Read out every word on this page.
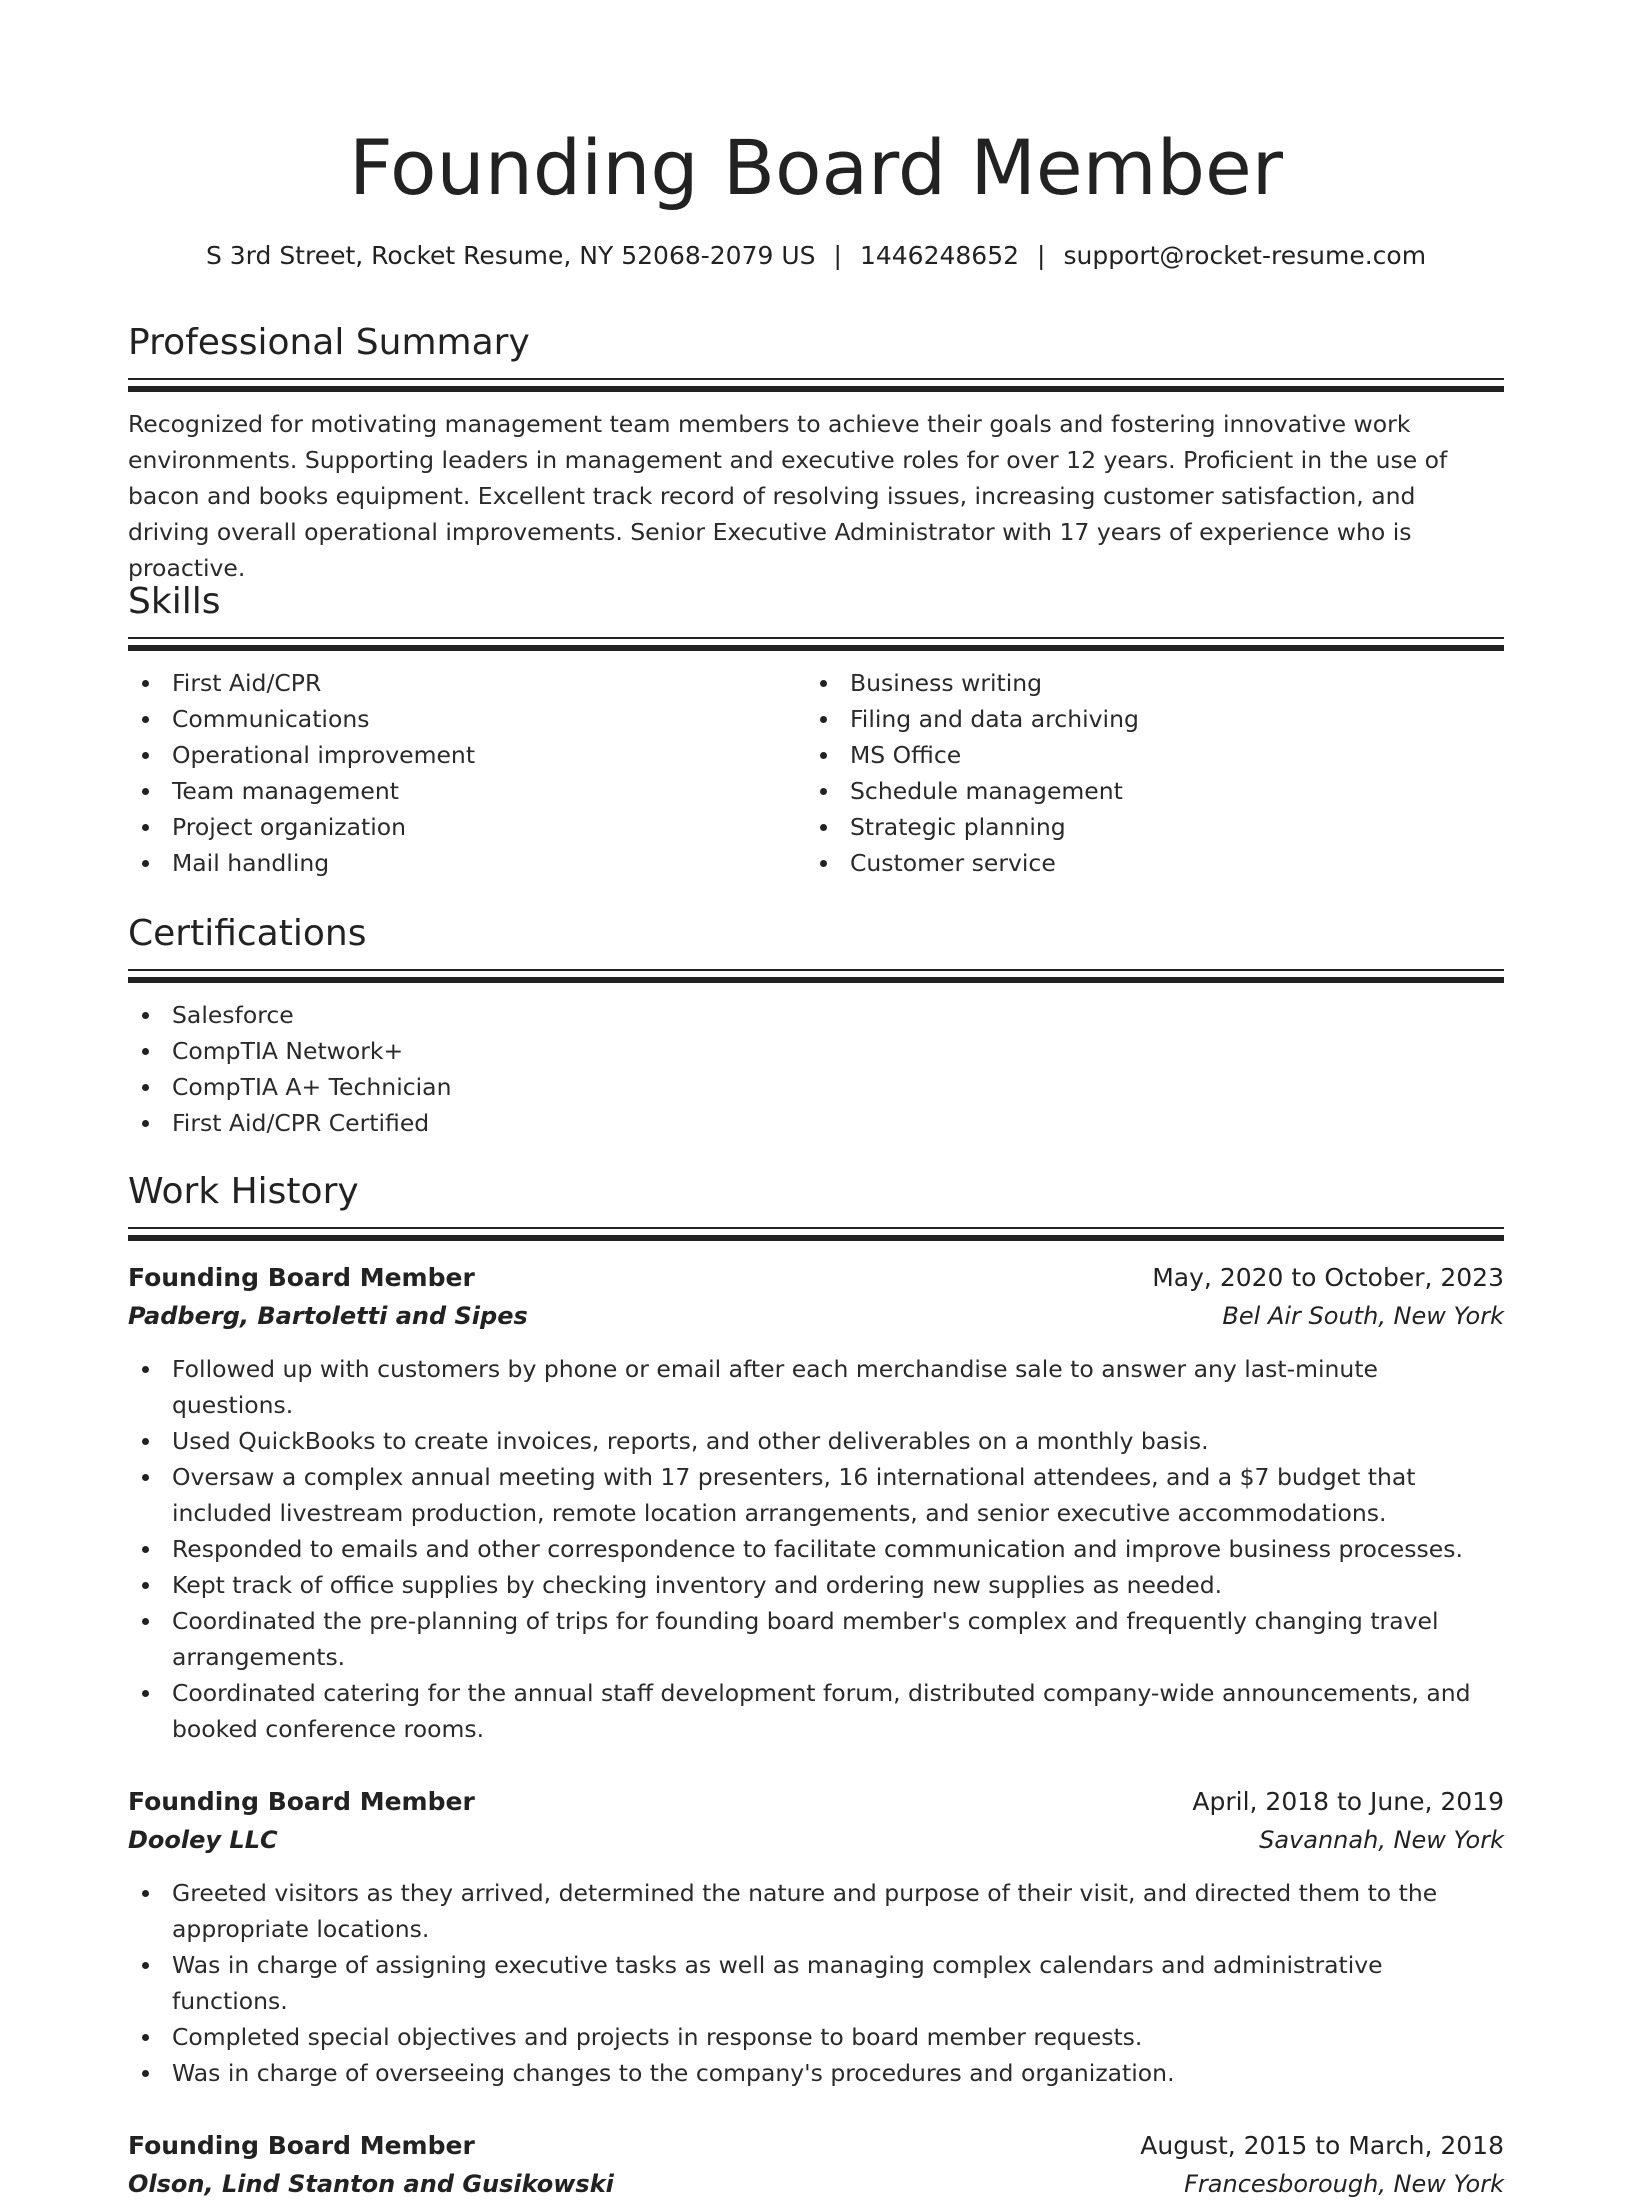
Founding Board Member
S 3rd Street, Rocket Resume, NY 52068-2079 US | 1446248652 | support@rocket-resume.com
Professional Summary
Recognized for motivating management team members to achieve their goals and fostering innovative work environments. Supporting leaders in management and executive roles for over 12 years. Proficient in the use of bacon and books equipment. Excellent track record of resolving issues, increasing customer satisfaction, and driving overall operational improvements. Senior Executive Administrator with 17 years of experience who is proactive.
Skills
First Aid/CPR
Communications
Operational improvement
Team management
Project organization
Mail handling
Business writing
Filing and data archiving
MS Office
Schedule management
Strategic planning
Customer service
Certifications
Salesforce
CompTIA Network+
CompTIA A+ Technician
First Aid/CPR Certified
Work History
Founding Board Member	May, 2020 to October, 2023
Padberg, Bartoletti and Sipes	Bel Air South, New York
Followed up with customers by phone or email after each merchandise sale to answer any last-minute questions.
Used QuickBooks to create invoices, reports, and other deliverables on a monthly basis.
Oversaw a complex annual meeting with 17 presenters, 16 international attendees, and a $7 budget that included livestream production, remote location arrangements, and senior executive accommodations.
Responded to emails and other correspondence to facilitate communication and improve business processes.
Kept track of office supplies by checking inventory and ordering new supplies as needed.
Coordinated the pre-planning of trips for founding board member's complex and frequently changing travel arrangements.
Coordinated catering for the annual staff development forum, distributed company-wide announcements, and booked conference rooms.
Founding Board Member	April, 2018 to June, 2019
Dooley LLC	Savannah, New York
Greeted visitors as they arrived, determined the nature and purpose of their visit, and directed them to the appropriate locations.
Was in charge of assigning executive tasks as well as managing complex calendars and administrative functions.
Completed special objectives and projects in response to board member requests.
Was in charge of overseeing changes to the company's procedures and organization.
Founding Board Member	August, 2015 to March, 2018
Olson, Lind Stanton and Gusikowski	Francesborough, New York
